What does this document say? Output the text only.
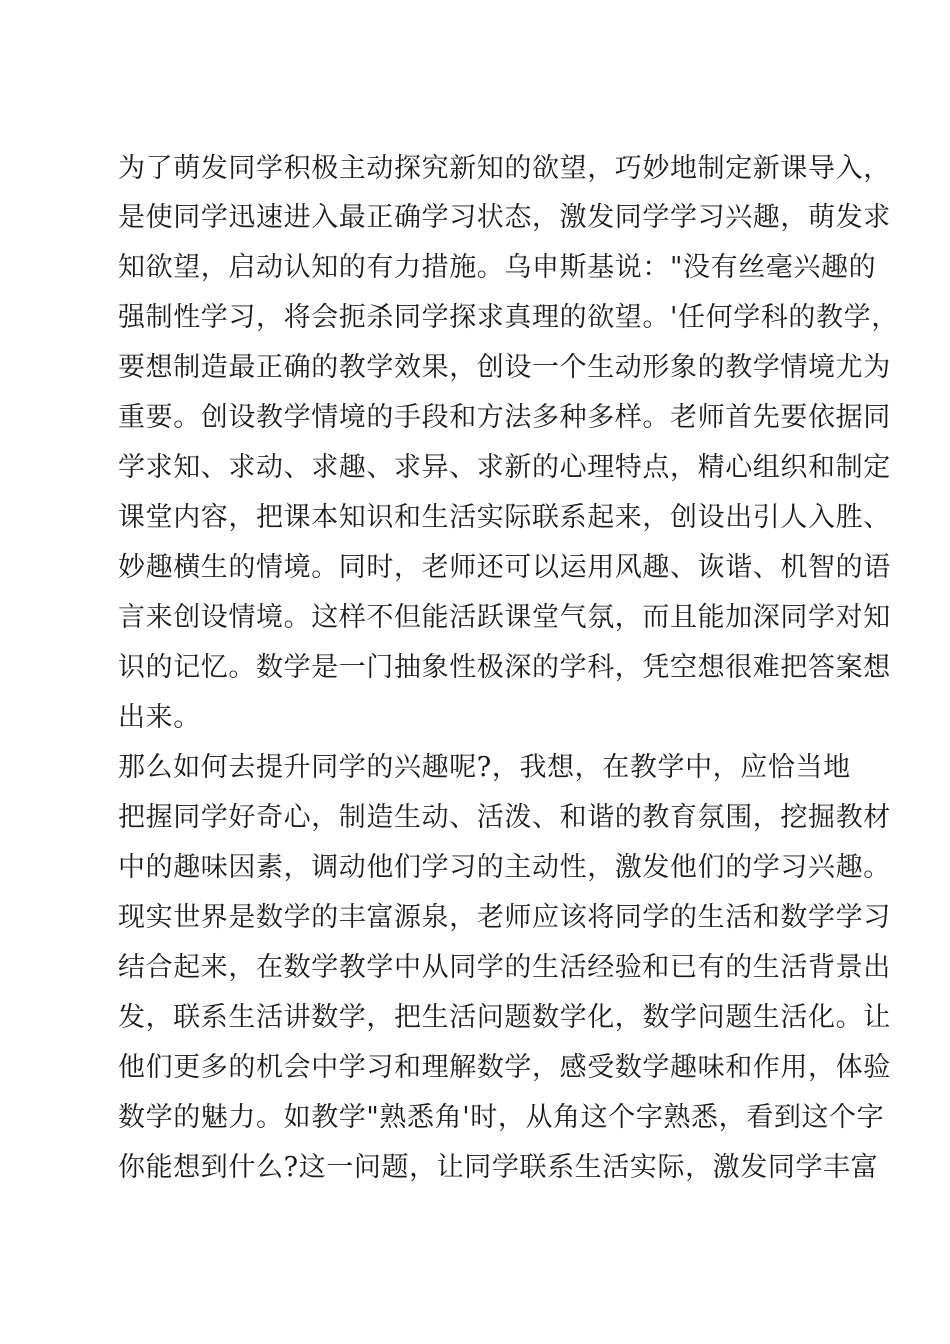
为了萌发同学积极主动探究新知的欲望，巧妙地制定新课导入，
是使同学迅速进入最正确学习状态，激发同学学习兴趣，萌发求
知欲望，启动认知的有力措施。乌申斯基说："没有丝毫兴趣的
强制性学习，将会扼杀同学探求真理的欲望。'任何学科的教学，
要想制造最正确的教学效果，创设一个生动形象的教学情境尤为
重要。创设教学情境的手段和方法多种多样。老师首先要依据同
学求知、求动、求趣、求异、求新的心理特点，精心组织和制定
课堂内容，把课本知识和生活实际联系起来，创设出引人入胜、
妙趣横生的情境。同时，老师还可以运用风趣、诙谐、机智的语
言来创设情境。这样不但能活跃课堂气氛，而且能加深同学对知
识的记忆。数学是一门抽象性极深的学科，凭空想很难把答案想
出来。
那么如何去提升同学的兴趣呢?，我想，在教学中，应恰当地
把握同学好奇心，制造生动、活泼、和谐的教育氛围，挖掘教材
中的趣味因素，调动他们学习的主动性，激发他们的学习兴趣。
现实世界是数学的丰富源泉，老师应该将同学的生活和数学学习
结合起来，在数学教学中从同学的生活经验和已有的生活背景出
发，联系生活讲数学，把生活问题数学化，数学问题生活化。让
他们更多的机会中学习和理解数学，感受数学趣味和作用，体验
数学的魅力。如教学"熟悉角'时，从角这个字熟悉，看到这个字
你能想到什么?这一问题，让同学联系生活实际，激发同学丰富
